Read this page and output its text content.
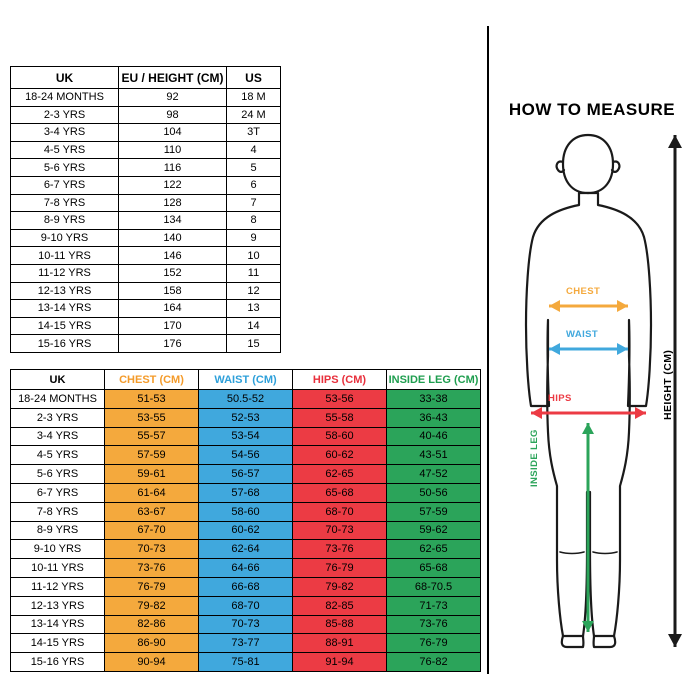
UK	EU / HEIGHT (CM)	US
18-24 MONTHS	92	18 M
2-3 YRS	98	24 M
3-4 YRS	104	3T
4-5 YRS	110	4
5-6 YRS	116	5
6-7 YRS	122	6
7-8 YRS	128	7
8-9 YRS	134	8
9-10 YRS	140	9
10-11 YRS	146	10
11-12 YRS	152	11
12-13 YRS	158	12
13-14 YRS	164	13
14-15 YRS	170	14
15-16 YRS	176	15
UK	CHEST (CM)	WAIST (CM)	HIPS (CM)	INSIDE LEG (CM)
18-24 MONTHS	51-53	50.5-52	53-56	33-38
2-3 YRS	53-55	52-53	55-58	36-43
3-4 YRS	55-57	53-54	58-60	40-46
4-5 YRS	57-59	54-56	60-62	43-51
5-6 YRS	59-61	56-57	62-65	47-52
6-7 YRS	61-64	57-68	65-68	50-56
7-8 YRS	63-67	58-60	68-70	57-59
8-9 YRS	67-70	60-62	70-73	59-62
9-10 YRS	70-73	62-64	73-76	62-65
10-11 YRS	73-76	64-66	76-79	65-68
11-12 YRS	76-79	66-68	79-82	68-70.5
12-13 YRS	79-82	68-70	82-85	71-73
13-14 YRS	82-86	70-73	85-88	73-76
14-15 YRS	86-90	73-77	88-91	76-79
15-16 YRS	90-94	75-81	91-94	76-82
HOW TO MEASURE
CHEST
WAIST
HIPS
INSIDE LEG
HEIGHT (CM)
